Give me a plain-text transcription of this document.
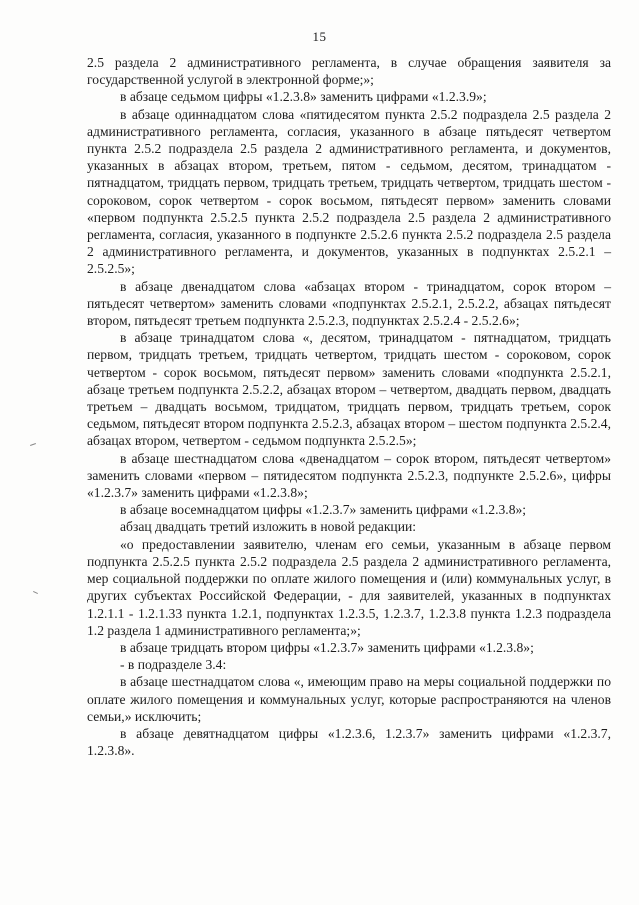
15

2.5 раздела 2 административного регламента, в случае обращения заявителя за государственной услугой в электронной форме;»;

в абзаце седьмом цифры «1.2.3.8» заменить цифрами «1.2.3.9»;

в абзаце одиннадцатом слова «пятидесятом пункта 2.5.2 подраздела 2.5 раздела 2 административного регламента, согласия, указанного в абзаце пятьдесят четвертом пункта 2.5.2 подраздела 2.5 раздела 2 административного регламента, и документов, указанных в абзацах втором, третьем, пятом - седьмом, десятом, тринадцатом - пятнадцатом, тридцать первом, тридцать третьем, тридцать четвертом, тридцать шестом - сороковом, сорок четвертом - сорок восьмом, пятьдесят первом» заменить словами «первом подпункта 2.5.2.5 пункта 2.5.2 подраздела 2.5 раздела 2 административного регламента, согласия, указанного в подпункте 2.5.2.6 пункта 2.5.2 подраздела 2.5 раздела 2 административного регламента, и документов, указанных в подпунктах 2.5.2.1 – 2.5.2.5»;

в абзаце двенадцатом слова «абзацах втором - тринадцатом, сорок втором – пятьдесят четвертом» заменить словами «подпунктах 2.5.2.1, 2.5.2.2, абзацах пятьдесят втором, пятьдесят третьем подпункта 2.5.2.3, подпунктах 2.5.2.4 - 2.5.2.6»;

в абзаце тринадцатом слова «, десятом, тринадцатом - пятнадцатом, тридцать первом, тридцать третьем, тридцать четвертом, тридцать шестом - сороковом, сорок четвертом - сорок восьмом, пятьдесят первом» заменить словами «подпункта 2.5.2.1, абзаце третьем подпункта 2.5.2.2, абзацах втором – четвертом, двадцать первом, двадцать третьем – двадцать восьмом, тридцатом, тридцать первом, тридцать третьем, сорок седьмом, пятьдесят втором подпункта 2.5.2.3, абзацах втором – шестом подпункта 2.5.2.4, абзацах втором, четвертом - седьмом подпункта 2.5.2.5»;

в абзаце шестнадцатом слова «двенадцатом – сорок втором, пятьдесят четвертом» заменить словами «первом – пятидесятом подпункта 2.5.2.3, подпункте 2.5.2.6», цифры «1.2.3.7» заменить цифрами «1.2.3.8»;

в абзаце восемнадцатом цифры «1.2.3.7» заменить цифрами «1.2.3.8»;

абзац двадцать третий изложить в новой редакции:

«о предоставлении заявителю, членам его семьи, указанным в абзаце первом подпункта 2.5.2.5 пункта 2.5.2 подраздела 2.5 раздела 2 административного регламента, мер социальной поддержки по оплате жилого помещения и (или) коммунальных услуг, в других субъектах Российской Федерации, - для заявителей, указанных в подпунктах 1.2.1.1 - 1.2.1.33 пункта 1.2.1, подпунктах 1.2.3.5, 1.2.3.7, 1.2.3.8 пункта 1.2.3 подраздела 1.2 раздела 1 административного регламента;»;

в абзаце тридцать втором цифры «1.2.3.7» заменить цифрами «1.2.3.8»;

- в подразделе 3.4:

в абзаце шестнадцатом слова «, имеющим право на меры социальной поддержки по оплате жилого помещения и коммунальных услуг, которые распространяются на членов семьи,» исключить;

в абзаце девятнадцатом цифры «1.2.3.6, 1.2.3.7» заменить цифрами «1.2.3.7, 1.2.3.8».
